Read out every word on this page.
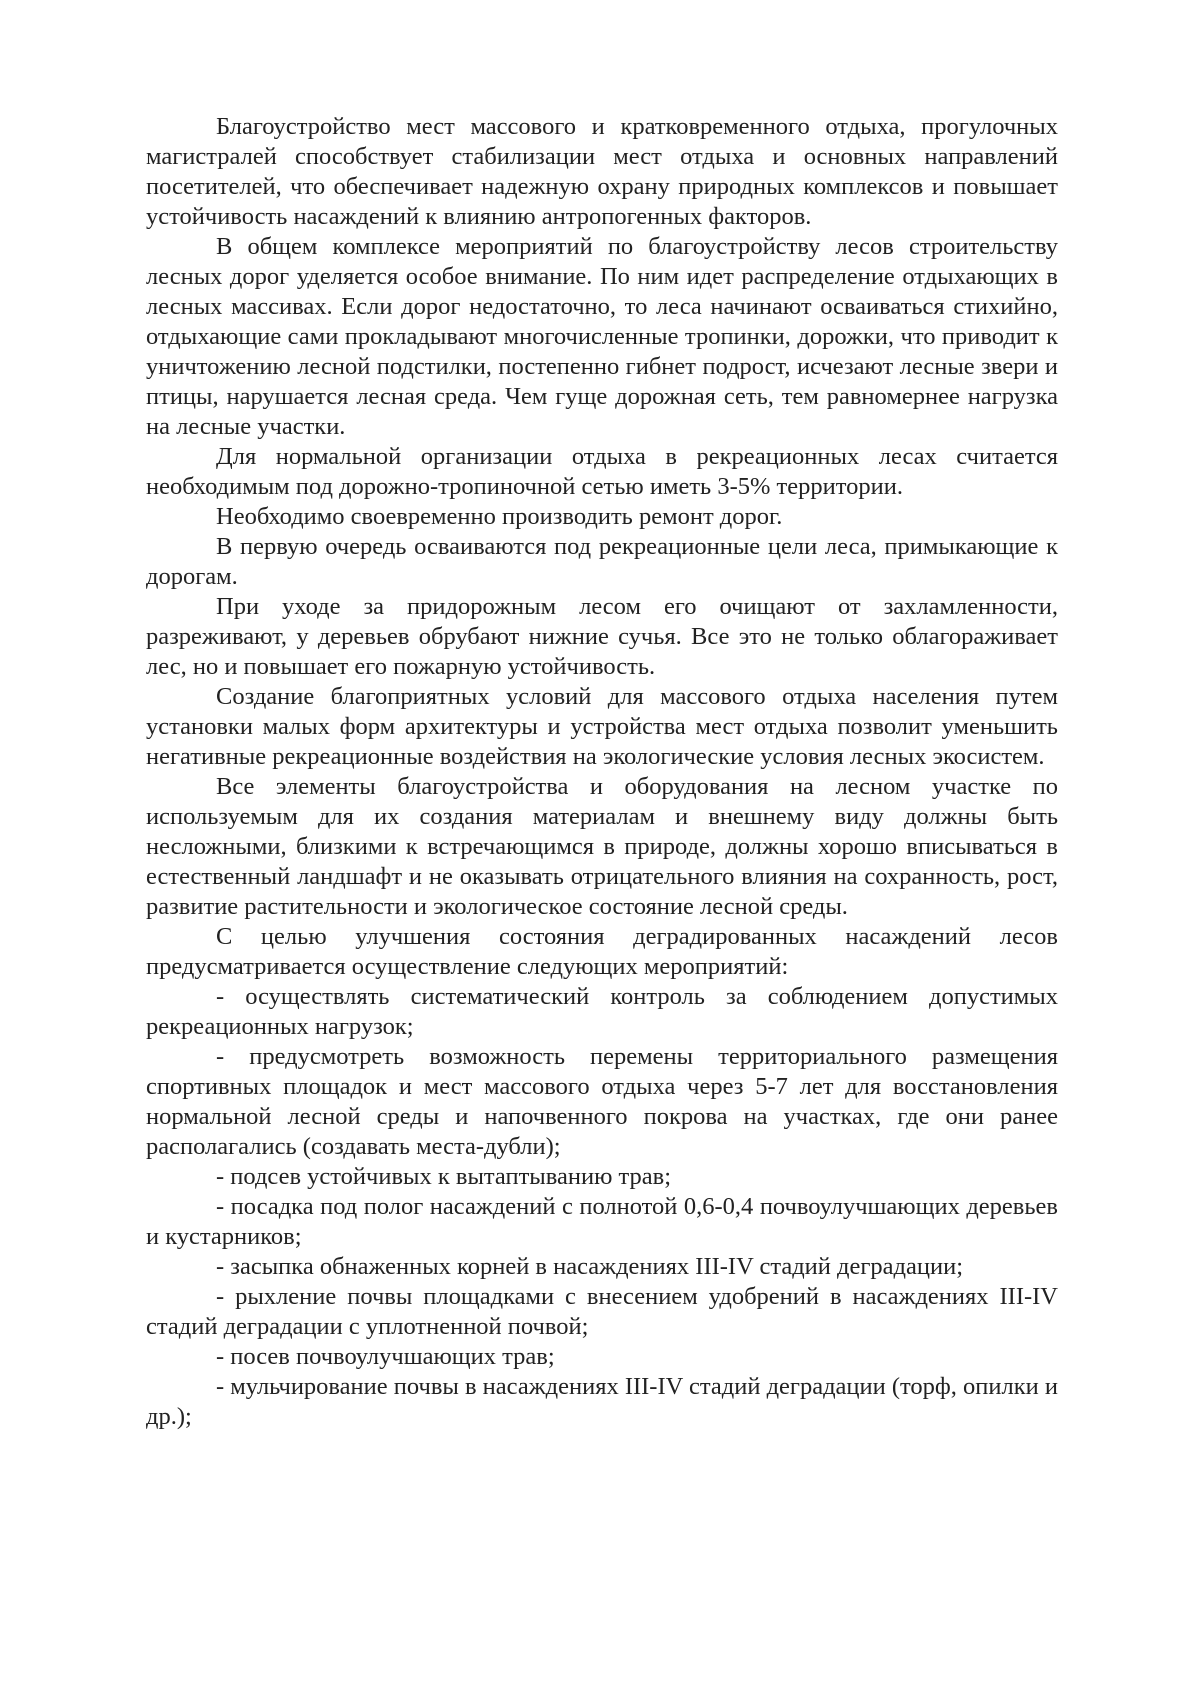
Благоустройство мест массового и кратковременного отдыха, прогулочных магистралей способствует стабилизации мест отдыха и основных направлений посетителей, что обеспечивает надежную охрану природных комплексов и повышает устойчивость насаждений к влиянию антропогенных факторов.

В общем комплексе мероприятий по благоустройству лесов строительству лесных дорог уделяется особое внимание. По ним идет распределение отдыхающих в лесных массивах. Если дорог недостаточно, то леса начинают осваиваться стихийно, отдыхающие сами прокладывают многочисленные тропинки, дорожки, что приводит к уничтожению лесной подстилки, постепенно гибнет подрост, исчезают лесные звери и птицы, нарушается лесная среда. Чем гуще дорожная сеть, тем равномернее нагрузка на лесные участки.

Для нормальной организации отдыха в рекреационных лесах считается необходимым под дорожно-тропиночной сетью иметь 3-5% территории.

Необходимо своевременно производить ремонт дорог.

В первую очередь осваиваются под рекреационные цели леса, примыкающие к дорогам.

При уходе за придорожным лесом его очищают от захламленности, разреживают, у деревьев обрубают нижние сучья. Все это не только облагораживает лес, но и повышает его пожарную устойчивость.

Создание благоприятных условий для массового отдыха населения путем установки малых форм архитектуры и устройства мест отдыха позволит уменьшить негативные рекреационные воздействия на экологические условия лесных экосистем.

Все элементы благоустройства и оборудования на лесном участке по используемым для их создания материалам и внешнему виду должны быть несложными, близкими к встречающимся в природе, должны хорошо вписываться в естественный ландшафт и не оказывать отрицательного влияния на сохранность, рост, развитие растительности и экологическое состояние лесной среды.

С целью улучшения состояния деградированных насаждений лесов предусматривается осуществление следующих мероприятий:

- осуществлять систематический контроль за соблюдением допустимых рекреационных нагрузок;

- предусмотреть возможность перемены территориального размещения спортивных площадок и мест массового отдыха через 5-7 лет для восстановления нормальной лесной среды и напочвенного покрова на участках, где они ранее располагались (создавать места-дубли);

- подсев устойчивых к вытаптыванию трав;

- посадка под полог насаждений с полнотой 0,6-0,4 почвоулучшающих деревьев и кустарников;

- засыпка обнаженных корней в насаждениях III-IV стадий деградации;

- рыхление почвы площадками с внесением удобрений в насаждениях III-IV стадий деградации с уплотненной почвой;

- посев почвоулучшающих трав;

- мульчирование почвы в насаждениях III-IV стадий деградации (торф, опилки и др.);
